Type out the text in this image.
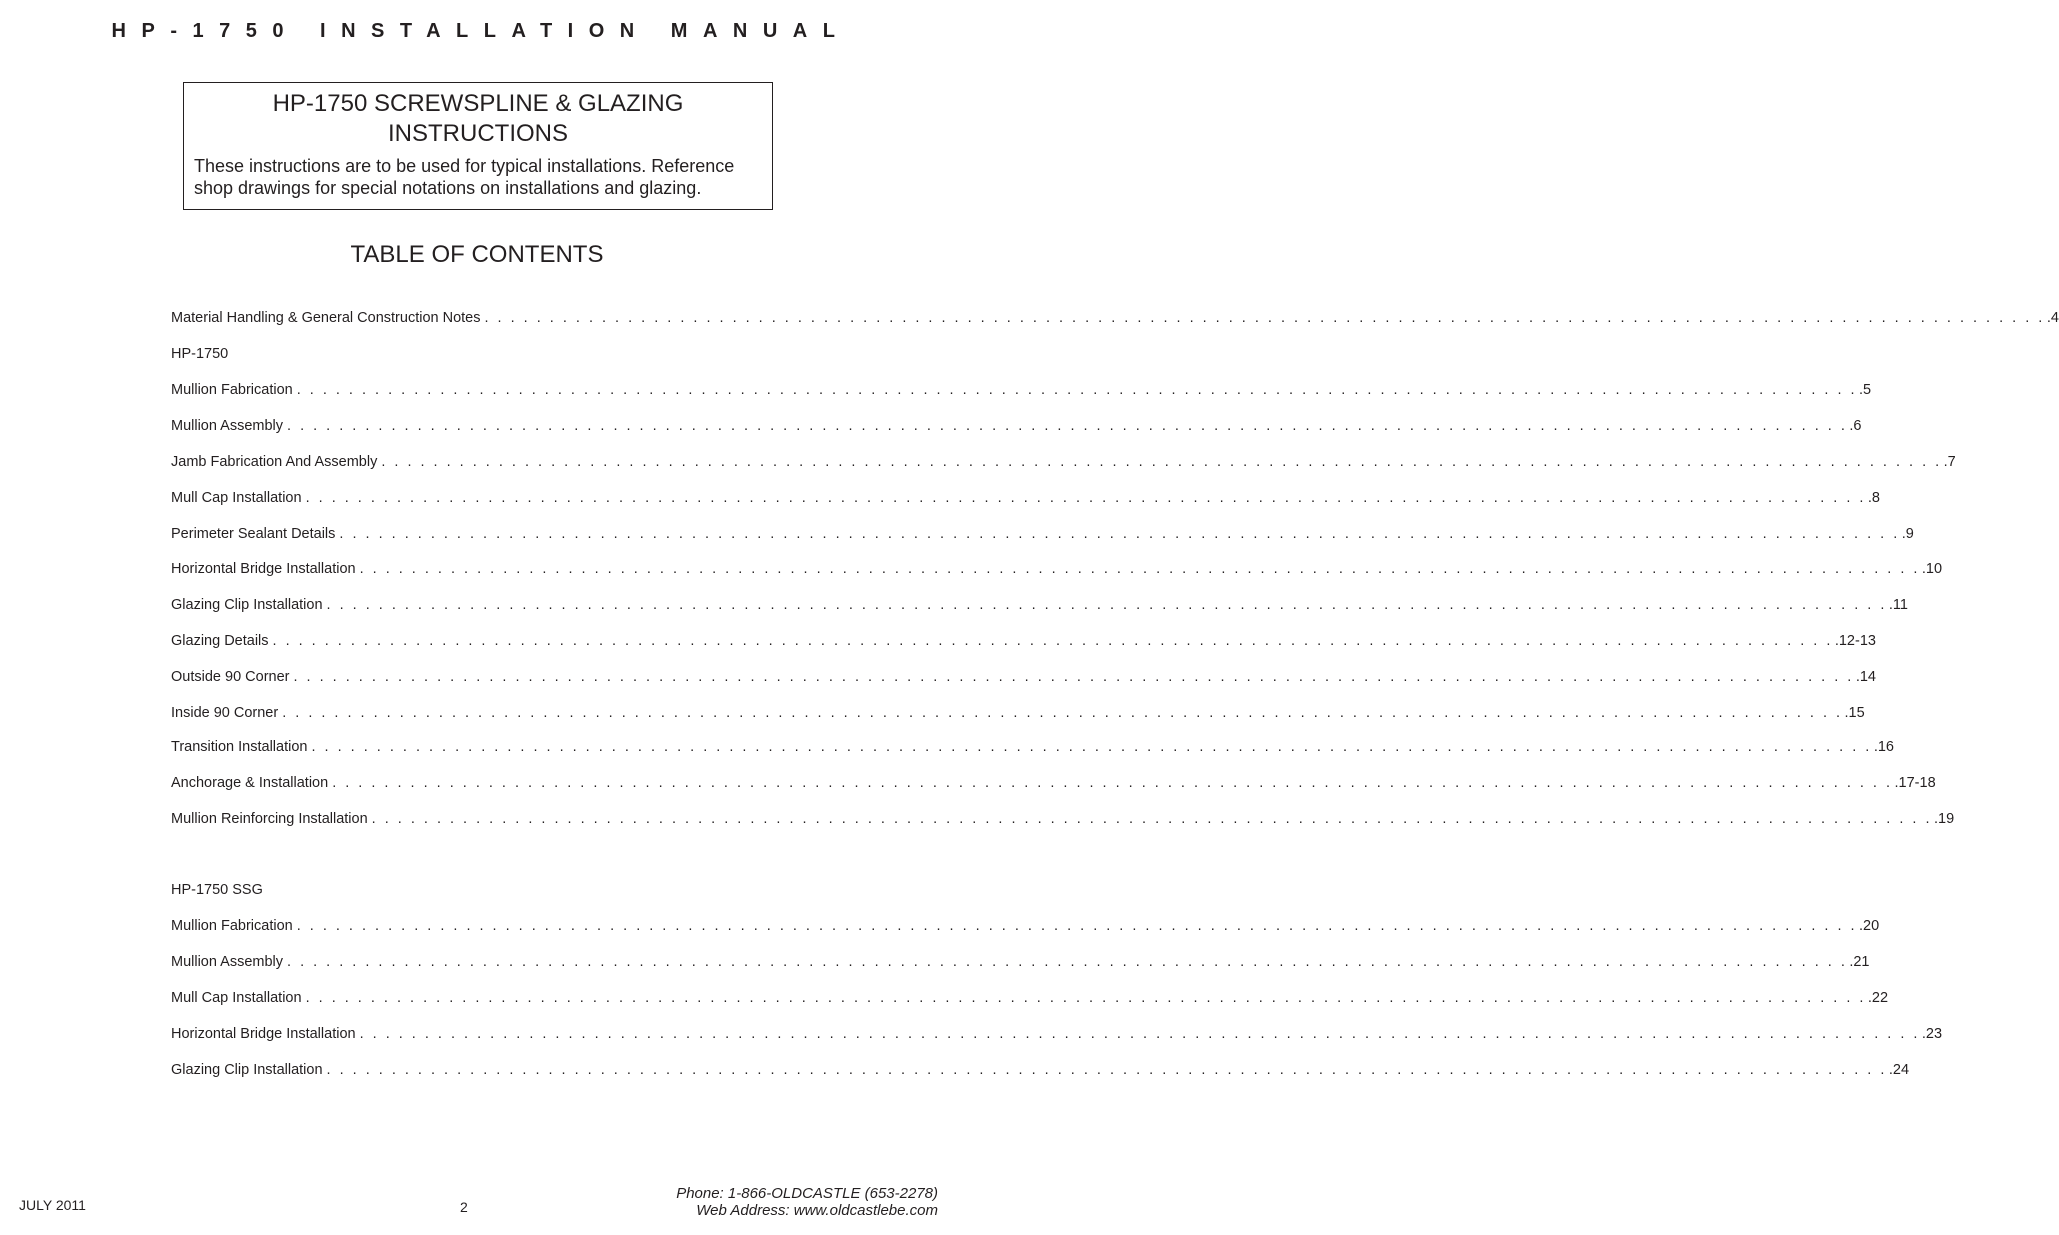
HP-1750 INSTALLATION MANUAL
HP-1750 SCREWSPLINE & GLAZING
INSTRUCTIONS
These instructions are to be used for typical installations. Reference
shop drawings for special notations on installations and glazing.
TABLE OF CONTENTS
Material Handling & General Construction Notes . . . . . . . . . . . . . . . . . . . . . . . . . . . . . . . . . . . . . . . . . . . . . . . . . . . . . . . . . . . . . . . . . . . . . . . . . . . . . . . . . . . . . . . . . . . . . . . . . . . . . . . . . . . . . . . . . . . . . . . . .4
HP-1750
Mullion Fabrication . . . . . . . . . . . . . . . . . . . . . . . . . . . . . . . . . . . . . . . . . . . . . . . . . . . . . . . . . . . . . . . . . . . . . . . . . . . . . . . . . . . . . . . . . . . . . . . . . . . . . . . . . . . . . . . . . . . . . . . . .5
Mullion Assembly . . . . . . . . . . . . . . . . . . . . . . . . . . . . . . . . . . . . . . . . . . . . . . . . . . . . . . . . . . . . . . . . . . . . . . . . . . . . . . . . . . . . . . . . . . . . . . . . . . . . . . . . . . . . . . . . . . . . . . . . .6
Jamb Fabrication And Assembly . . . . . . . . . . . . . . . . . . . . . . . . . . . . . . . . . . . . . . . . . . . . . . . . . . . . . . . . . . . . . . . . . . . . . . . . . . . . . . . . . . . . . . . . . . . . . . . . . . . . . . . . . . . . . . . . . . . . . . . . .7
Mull Cap Installation . . . . . . . . . . . . . . . . . . . . . . . . . . . . . . . . . . . . . . . . . . . . . . . . . . . . . . . . . . . . . . . . . . . . . . . . . . . . . . . . . . . . . . . . . . . . . . . . . . . . . . . . . . . . . . . . . . . . . . . . .8
Perimeter Sealant Details . . . . . . . . . . . . . . . . . . . . . . . . . . . . . . . . . . . . . . . . . . . . . . . . . . . . . . . . . . . . . . . . . . . . . . . . . . . . . . . . . . . . . . . . . . . . . . . . . . . . . . . . . . . . . . . . . . . . . . . . .9
Horizontal Bridge Installation . . . . . . . . . . . . . . . . . . . . . . . . . . . . . . . . . . . . . . . . . . . . . . . . . . . . . . . . . . . . . . . . . . . . . . . . . . . . . . . . . . . . . . . . . . . . . . . . . . . . . . . . . . . . . . . . . . . . . . . . .10
Glazing Clip Installation . . . . . . . . . . . . . . . . . . . . . . . . . . . . . . . . . . . . . . . . . . . . . . . . . . . . . . . . . . . . . . . . . . . . . . . . . . . . . . . . . . . . . . . . . . . . . . . . . . . . . . . . . . . . . . . . . . . . . . . . .11
Glazing Details . . . . . . . . . . . . . . . . . . . . . . . . . . . . . . . . . . . . . . . . . . . . . . . . . . . . . . . . . . . . . . . . . . . . . . . . . . . . . . . . . . . . . . . . . . . . . . . . . . . . . . . . . . . . . . . . . . . . . . . . .12-13
Outside 90 Corner . . . . . . . . . . . . . . . . . . . . . . . . . . . . . . . . . . . . . . . . . . . . . . . . . . . . . . . . . . . . . . . . . . . . . . . . . . . . . . . . . . . . . . . . . . . . . . . . . . . . . . . . . . . . . . . . . . . . . . . . .14
Inside 90 Corner . . . . . . . . . . . . . . . . . . . . . . . . . . . . . . . . . . . . . . . . . . . . . . . . . . . . . . . . . . . . . . . . . . . . . . . . . . . . . . . . . . . . . . . . . . . . . . . . . . . . . . . . . . . . . . . . . . . . . . . . .15
Transition Installation . . . . . . . . . . . . . . . . . . . . . . . . . . . . . . . . . . . . . . . . . . . . . . . . . . . . . . . . . . . . . . . . . . . . . . . . . . . . . . . . . . . . . . . . . . . . . . . . . . . . . . . . . . . . . . . . . . . . . . . . .16
Anchorage & Installation . . . . . . . . . . . . . . . . . . . . . . . . . . . . . . . . . . . . . . . . . . . . . . . . . . . . . . . . . . . . . . . . . . . . . . . . . . . . . . . . . . . . . . . . . . . . . . . . . . . . . . . . . . . . . . . . . . . . . . . . .17-18
Mullion Reinforcing Installation . . . . . . . . . . . . . . . . . . . . . . . . . . . . . . . . . . . . . . . . . . . . . . . . . . . . . . . . . . . . . . . . . . . . . . . . . . . . . . . . . . . . . . . . . . . . . . . . . . . . . . . . . . . . . . . . . . . . . . . . .19
HP-1750 SSG
Mullion Fabrication . . . . . . . . . . . . . . . . . . . . . . . . . . . . . . . . . . . . . . . . . . . . . . . . . . . . . . . . . . . . . . . . . . . . . . . . . . . . . . . . . . . . . . . . . . . . . . . . . . . . . . . . . . . . . . . . . . . . . . . . .20
Mullion Assembly . . . . . . . . . . . . . . . . . . . . . . . . . . . . . . . . . . . . . . . . . . . . . . . . . . . . . . . . . . . . . . . . . . . . . . . . . . . . . . . . . . . . . . . . . . . . . . . . . . . . . . . . . . . . . . . . . . . . . . . . .21
Mull Cap Installation . . . . . . . . . . . . . . . . . . . . . . . . . . . . . . . . . . . . . . . . . . . . . . . . . . . . . . . . . . . . . . . . . . . . . . . . . . . . . . . . . . . . . . . . . . . . . . . . . . . . . . . . . . . . . . . . . . . . . . . . .22
Horizontal Bridge Installation . . . . . . . . . . . . . . . . . . . . . . . . . . . . . . . . . . . . . . . . . . . . . . . . . . . . . . . . . . . . . . . . . . . . . . . . . . . . . . . . . . . . . . . . . . . . . . . . . . . . . . . . . . . . . . . . . . . . . . . . .23
Glazing Clip Installation . . . . . . . . . . . . . . . . . . . . . . . . . . . . . . . . . . . . . . . . . . . . . . . . . . . . . . . . . . . . . . . . . . . . . . . . . . . . . . . . . . . . . . . . . . . . . . . . . . . . . . . . . . . . . . . . . . . . . . . . .24
JULY 2011	2
Phone: 1-866-OLDCASTLE (653-2278)
Web Address: www.oldcastlebe.com
